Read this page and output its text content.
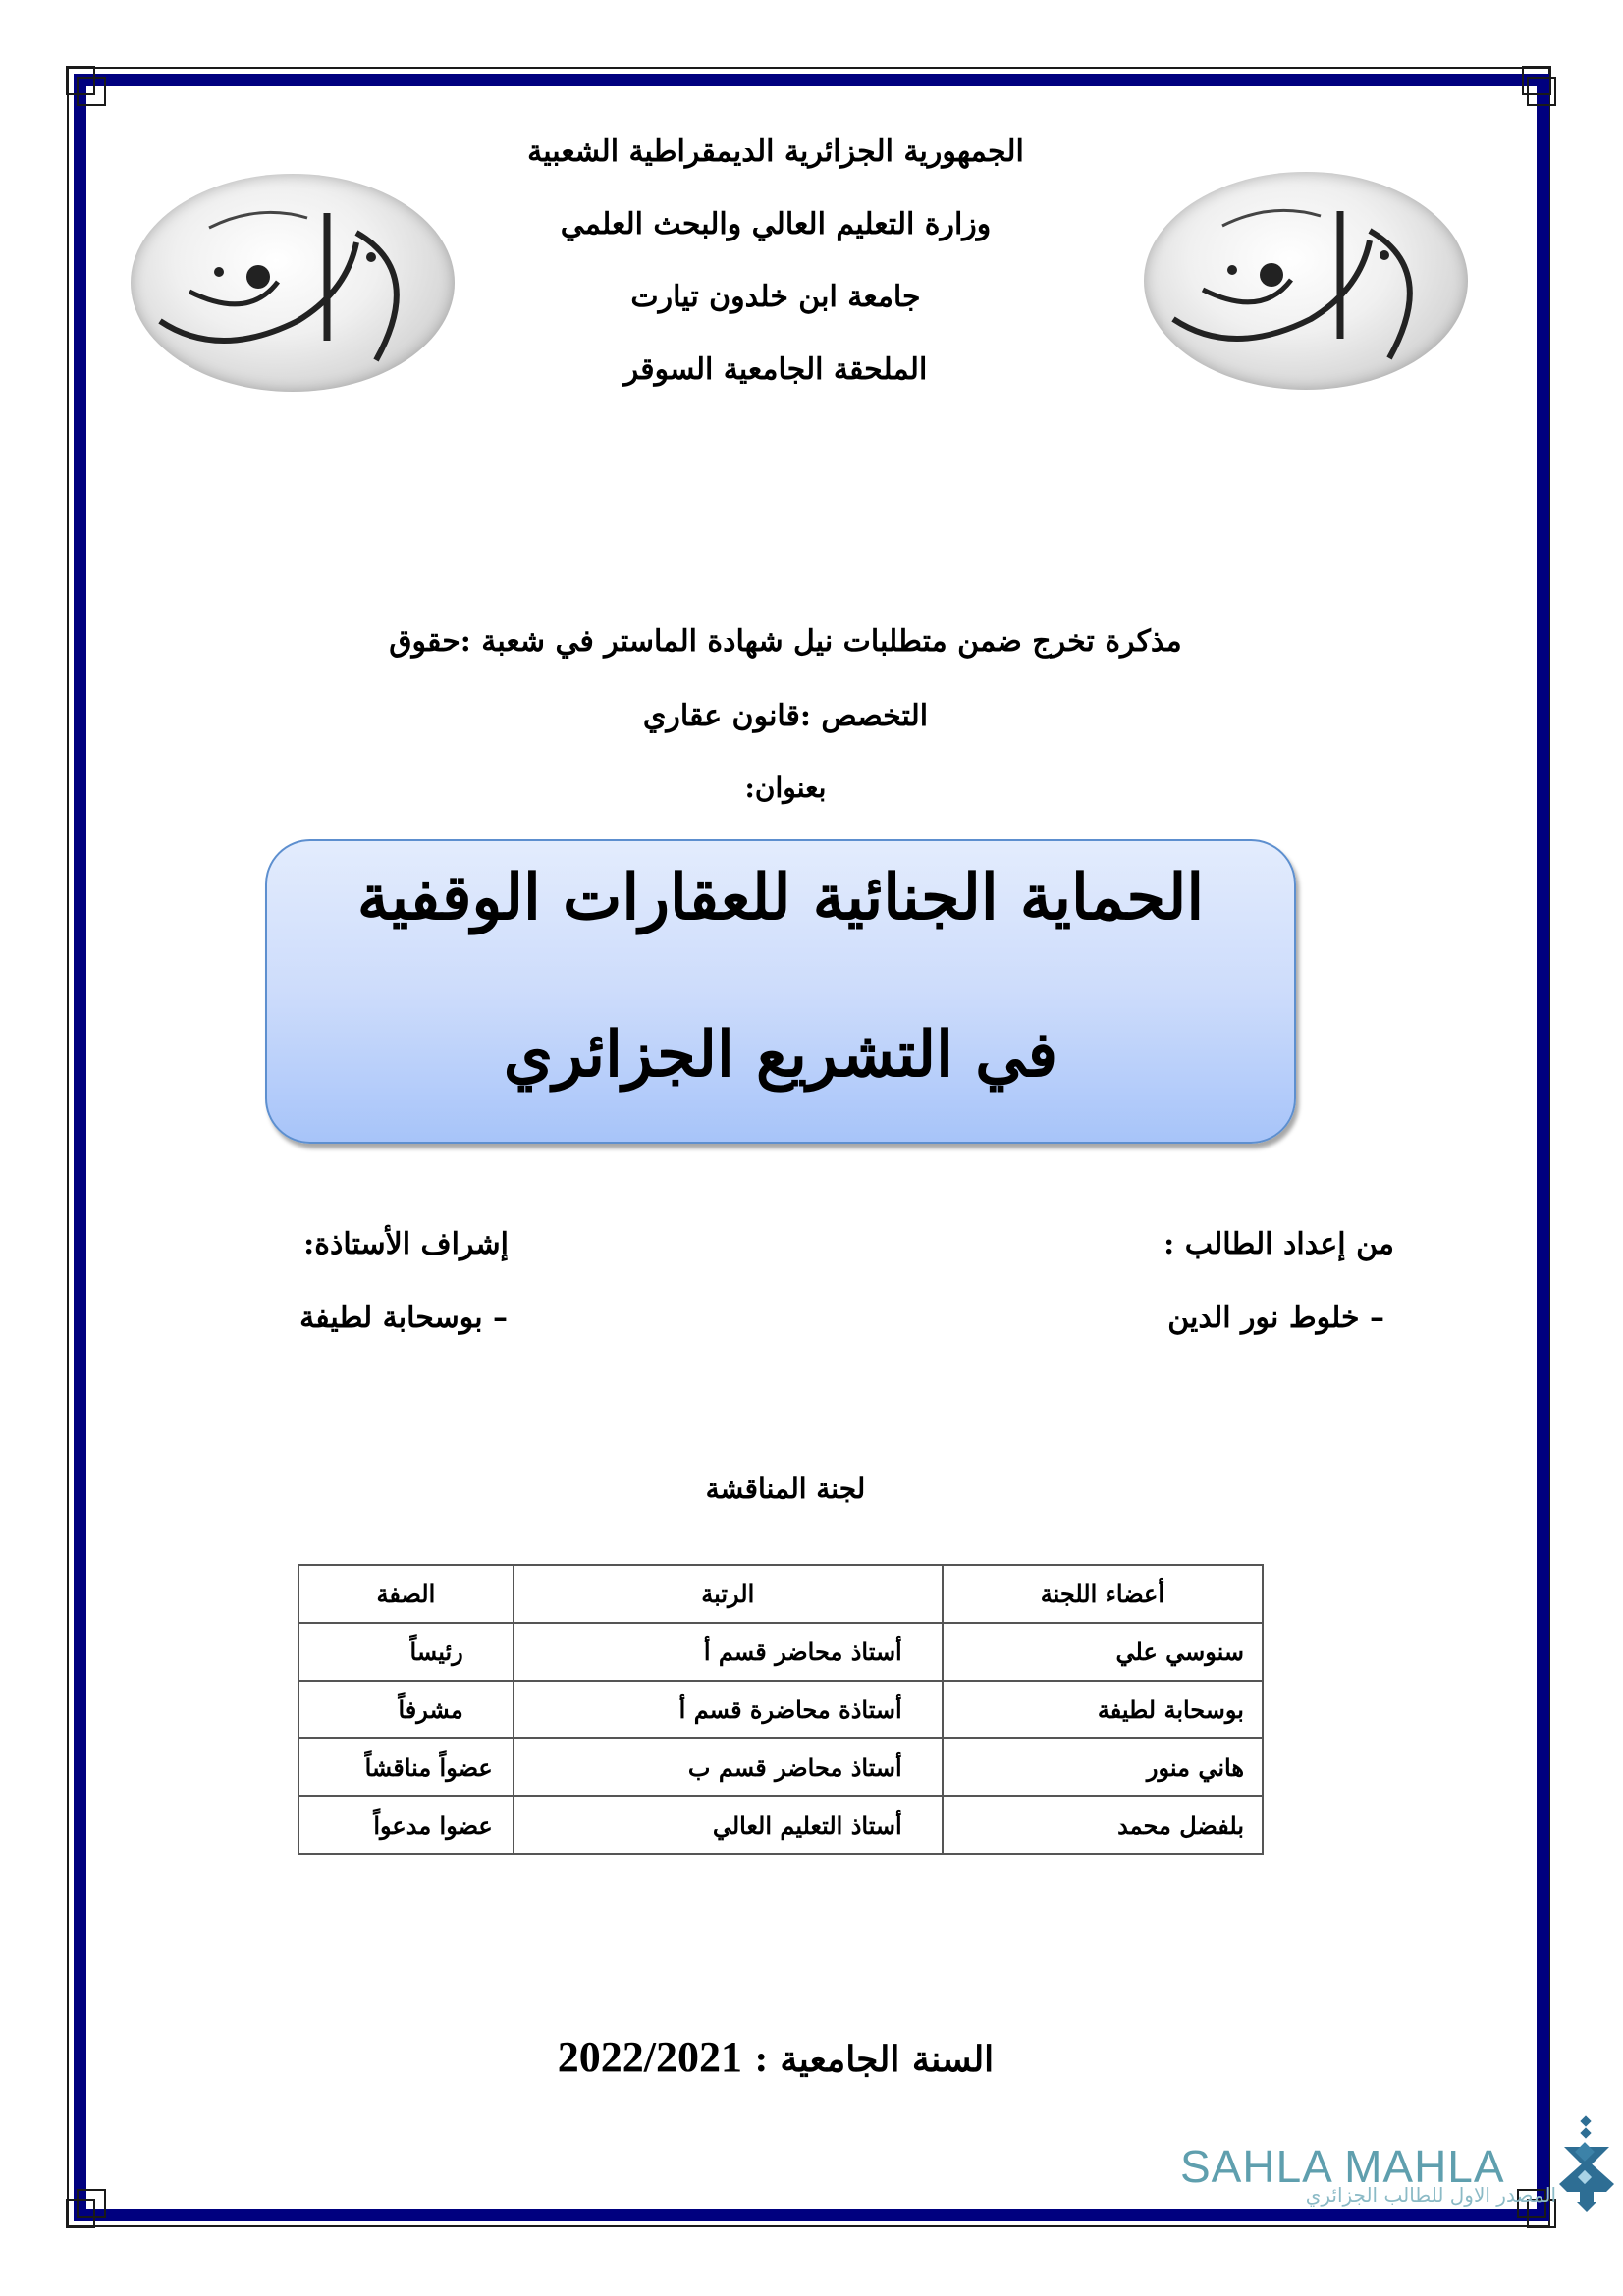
الجمهورية الجزائرية الديمقراطية الشعبية
وزارة التعليم العالي والبحث العلمي
جامعة ابن خلدون تيارت
الملحقة الجامعية السوقر
مذكرة تخرج ضمن متطلبات نيل شهادة الماستر في شعبة :حقوق
التخصص :قانون عقاري
بعنوان:
الحماية الجنائية للعقارات الوقفية
في التشريع الجزائري
من إعداد الطالب :
– خلوط نور الدين
إشراف الأستاذة:
– بوسحابة لطيفة
لجنة المناقشة
أعضاء اللجنة	الرتبة	الصفة
سنوسي علي	أستاذ محاضر قسم أ	رئيساً
بوسحابة لطيفة	أستاذة محاضرة قسم أ	مشرفاً
هاني منور	أستاذ محاضر قسم ب	عضواً مناقشاً
بلفضل محمد	أستاذ التعليم العالي	عضوا مدعواً
السنة الجامعية : 2022/2021
SAHLA MAHLA
المصدر الاول للطالب الجزائري
